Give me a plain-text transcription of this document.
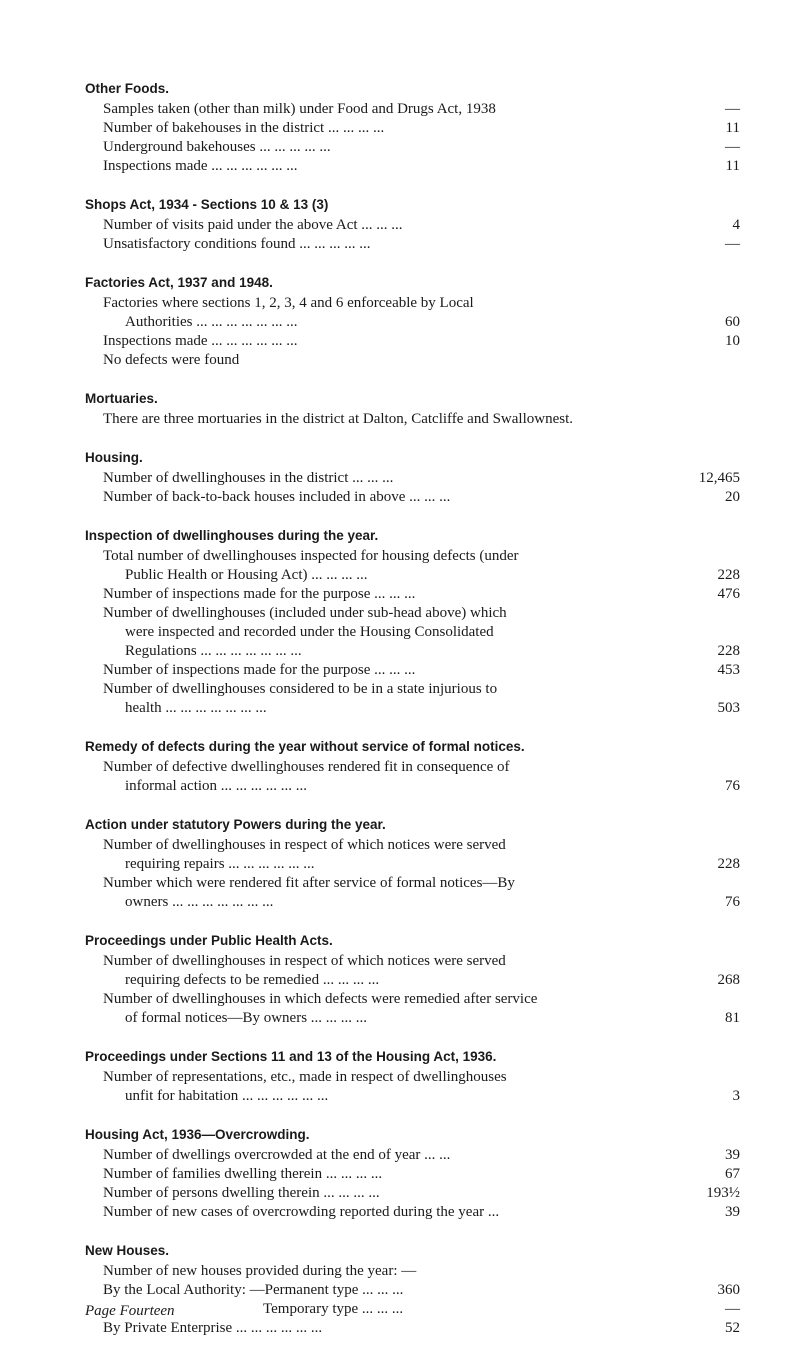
Other Foods.
Samples taken (other than milk) under Food and Drugs Act, 1938	—
Number of bakehouses in the district ... ... ... ...	11
Underground bakehouses ... ... ... ... ...	—
Inspections made ... ... ... ... ... ...	11
Shops Act, 1934 - Sections 10 & 13 (3)
Number of visits paid under the above Act ... ... ...	4
Unsatisfactory conditions found ... ... ... ... ...	—
Factories Act, 1937 and 1948.
Factories where sections 1, 2, 3, 4 and 6 enforceable by Local
Authorities ... ... ... ... ... ... ...	60
Inspections made ... ... ... ... ... ...	10
No defects were found
Mortuaries.
There are three mortuaries in the district at Dalton, Catcliffe and Swallownest.
Housing.
Number of dwellinghouses in the district ... ... ...	12,465
Number of back-to-back houses included in above ... ... ...	20
Inspection of dwellinghouses during the year.
Total number of dwellinghouses inspected for housing defects (under
Public Health or Housing Act) ... ... ... ...	228
Number of inspections made for the purpose ... ... ...	476
Number of dwellinghouses (included under sub-head above) which
were inspected and recorded under the Housing Consolidated
Regulations ... ... ... ... ... ... ...	228
Number of inspections made for the purpose ... ... ...	453
Number of dwellinghouses considered to be in a state injurious to
health ... ... ... ... ... ... ...	503
Remedy of defects during the year without service of formal notices.
Number of defective dwellinghouses rendered fit in consequence of
informal action ... ... ... ... ... ...	76
Action under statutory Powers during the year.
Number of dwellinghouses in respect of which notices were served
requiring repairs ... ... ... ... ... ...	228
Number which were rendered fit after service of formal notices—By
owners ... ... ... ... ... ... ...	76
Proceedings under Public Health Acts.
Number of dwellinghouses in respect of which notices were served
requiring defects to be remedied ... ... ... ...	268
Number of dwellinghouses in which defects were remedied after service
of formal notices—By owners ... ... ... ...	81
Proceedings under Sections 11 and 13 of the Housing Act, 1936.
Number of representations, etc., made in respect of dwellinghouses
unfit for habitation ... ... ... ... ... ...	3
Housing Act, 1936—Overcrowding.
Number of dwellings overcrowded at the end of year ... ...	39
Number of families dwelling therein ... ... ... ...	67
Number of persons dwelling therein ... ... ... ...	193½
Number of new cases of overcrowding reported during the year ...	39
New Houses.
Number of new houses provided during the year: —
By the Local Authority: —Permanent type ... ... ...	360
Temporary type ... ... ...	—
By Private Enterprise ... ... ... ... ... ...	52
Page Fourteen
